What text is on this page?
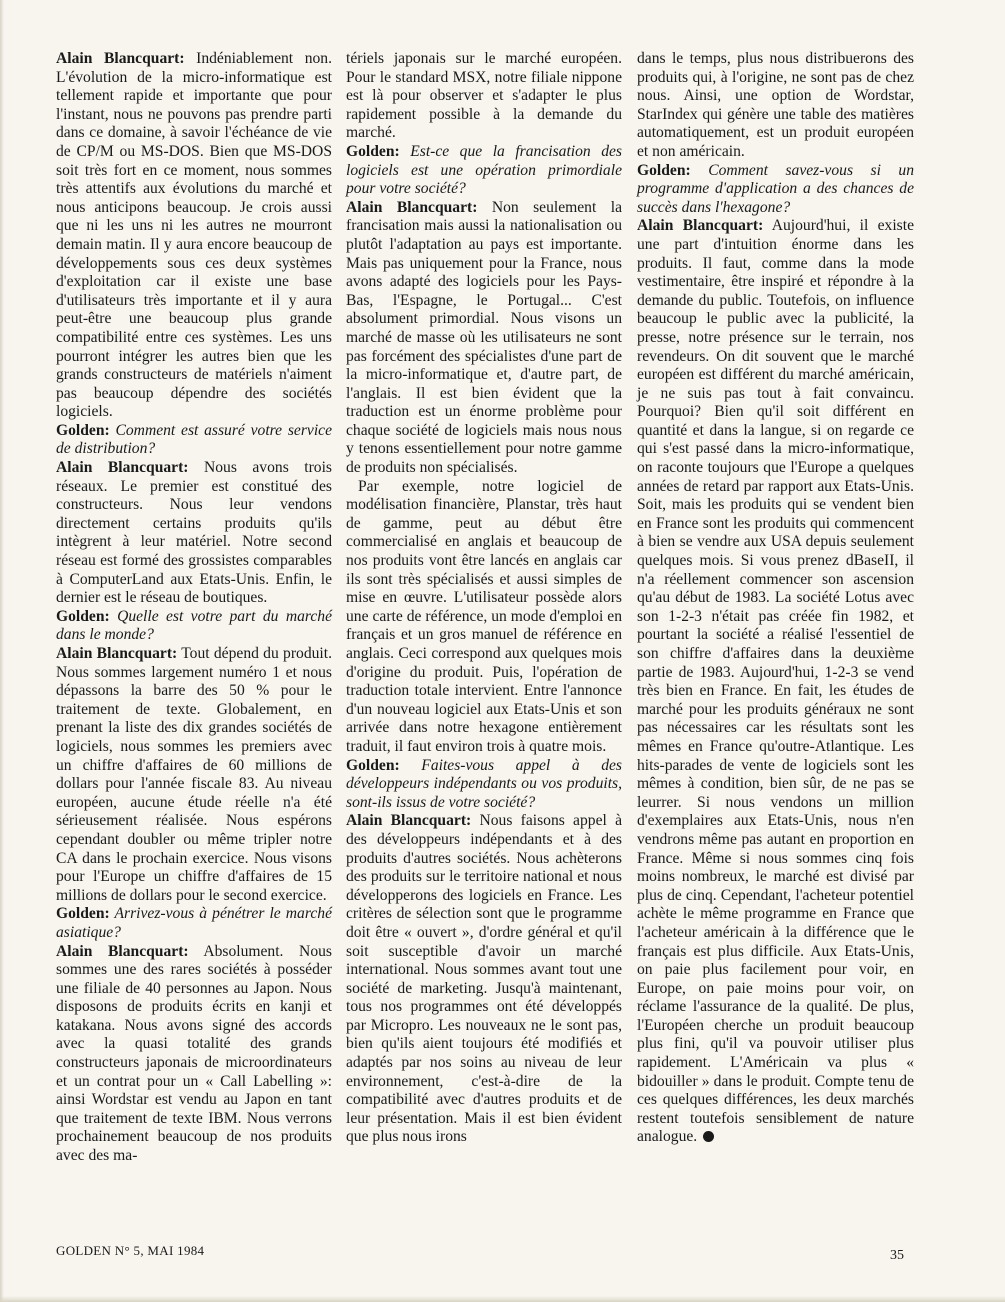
Alain Blancquart: Indéniablement non. L'évolution de la micro-informatique est tellement rapide et importante que pour l'instant, nous ne pouvons pas prendre parti dans ce domaine, à savoir l'échéance de vie de CP/M ou MS-DOS. Bien que MS-DOS soit très fort en ce moment, nous sommes très attentifs aux évolutions du marché et nous anticipons beaucoup. Je crois aussi que ni les uns ni les autres ne mourront demain matin. Il y aura encore beaucoup de développements sous ces deux systèmes d'exploitation car il existe une base d'utilisateurs très importante et il y aura peut-être une beaucoup plus grande compatibilité entre ces systèmes. Les uns pourront intégrer les autres bien que les grands constructeurs de matériels n'aiment pas beaucoup dépendre des sociétés logiciels.

Golden: Comment est assuré votre service de distribution?

Alain Blancquart: Nous avons trois réseaux. Le premier est constitué des constructeurs. Nous leur vendons directement certains produits qu'ils intègrent à leur matériel. Notre second réseau est formé des grossistes comparables à ComputerLand aux Etats-Unis. Enfin, le dernier est le réseau de boutiques.

Golden: Quelle est votre part du marché dans le monde?

Alain Blancquart: Tout dépend du produit. Nous sommes largement numéro 1 et nous dépassons la barre des 50 % pour le traitement de texte. Globalement, en prenant la liste des dix grandes sociétés de logiciels, nous sommes les premiers avec un chiffre d'affaires de 60 millions de dollars pour l'année fiscale 83. Au niveau européen, aucune étude réelle n'a été sérieusement réalisée. Nous espérons cependant doubler ou même tripler notre CA dans le prochain exercice. Nous visons pour l'Europe un chiffre d'affaires de 15 millions de dollars pour le second exercice.

Golden: Arrivez-vous à pénétrer le marché asiatique?

Alain Blancquart: Absolument. Nous sommes une des rares sociétés à posséder une filiale de 40 personnes au Japon. Nous disposons de produits écrits en kanji et katakana. Nous avons signé des accords avec la quasi totalité des grands constructeurs japonais de microordinateurs et un contrat pour un « Call Labelling »: ainsi Wordstar est vendu au Japon en tant que traitement de texte IBM. Nous verrons prochainement beaucoup de nos produits avec des ma-

tériels japonais sur le marché européen. Pour le standard MSX, notre filiale nippone est là pour observer et s'adapter le plus rapidement possible à la demande du marché.

Golden: Est-ce que la francisation des logiciels est une opération primordiale pour votre société?

Alain Blancquart: Non seulement la francisation mais aussi la nationalisation ou plutôt l'adaptation au pays est importante. Mais pas uniquement pour la France, nous avons adapté des logiciels pour les Pays-Bas, l'Espagne, le Portugal... C'est absolument primordial. Nous visons un marché de masse où les utilisateurs ne sont pas forcément des spécialistes d'une part de la micro-informatique et, d'autre part, de l'anglais. Il est bien évident que la traduction est un énorme problème pour chaque société de logiciels mais nous nous y tenons essentiellement pour notre gamme de produits non spécialisés.

Par exemple, notre logiciel de modélisation financière, Planstar, très haut de gamme, peut au début être commercialisé en anglais et beaucoup de nos produits vont être lancés en anglais car ils sont très spécialisés et aussi simples de mise en œuvre. L'utilisateur possède alors une carte de référence, un mode d'emploi en français et un gros manuel de référence en anglais. Ceci correspond aux quelques mois d'origine du produit. Puis, l'opération de traduction totale intervient. Entre l'annonce d'un nouveau logiciel aux Etats-Unis et son arrivée dans notre hexagone entièrement traduit, il faut environ trois à quatre mois.

Golden: Faites-vous appel à des développeurs indépendants ou vos produits, sont-ils issus de votre société?

Alain Blancquart: Nous faisons appel à des développeurs indépendants et à des produits d'autres sociétés. Nous achèterons des produits sur le territoire national et nous développerons des logiciels en France. Les critères de sélection sont que le programme doit être « ouvert », d'ordre général et qu'il soit susceptible d'avoir un marché international. Nous sommes avant tout une société de marketing. Jusqu'à maintenant, tous nos programmes ont été développés par Micropro. Les nouveaux ne le sont pas, bien qu'ils aient toujours été modifiés et adaptés par nos soins au niveau de leur environnement, c'est-à-dire de la compatibilité avec d'autres produits et de leur présentation. Mais il est bien évident que plus nous irons

dans le temps, plus nous distribuerons des produits qui, à l'origine, ne sont pas de chez nous. Ainsi, une option de Wordstar, StarIndex qui génère une table des matières automatiquement, est un produit européen et non américain.

Golden: Comment savez-vous si un programme d'application a des chances de succès dans l'hexagone?

Alain Blancquart: Aujourd'hui, il existe une part d'intuition énorme dans les produits. Il faut, comme dans la mode vestimentaire, être inspiré et répondre à la demande du public. Toutefois, on influence beaucoup le public avec la publicité, la presse, notre présence sur le terrain, nos revendeurs. On dit souvent que le marché européen est différent du marché américain, je ne suis pas tout à fait convaincu. Pourquoi? Bien qu'il soit différent en quantité et dans la langue, si on regarde ce qui s'est passé dans la micro-informatique, on raconte toujours que l'Europe a quelques années de retard par rapport aux Etats-Unis. Soit, mais les produits qui se vendent bien en France sont les produits qui commencent à bien se vendre aux USA depuis seulement quelques mois. Si vous prenez dBaseII, il n'a réellement commencer son ascension qu'au début de 1983. La société Lotus avec son 1-2-3 n'était pas créée fin 1982, et pourtant la société a réalisé l'essentiel de son chiffre d'affaires dans la deuxième partie de 1983. Aujourd'hui, 1-2-3 se vend très bien en France. En fait, les études de marché pour les produits généraux ne sont pas nécessaires car les résultats sont les mêmes en France qu'outre-Atlantique. Les hits-parades de vente de logiciels sont les mêmes à condition, bien sûr, de ne pas se leurrer. Si nous vendons un million d'exemplaires aux Etats-Unis, nous n'en vendrons même pas autant en proportion en France. Même si nous sommes cinq fois moins nombreux, le marché est divisé par plus de cinq. Cependant, l'acheteur potentiel achète le même programme en France que l'acheteur américain à la différence que le français est plus difficile. Aux Etats-Unis, on paie plus facilement pour voir, en Europe, on paie moins pour voir, on réclame l'assurance de la qualité. De plus, l'Européen cherche un produit beaucoup plus fini, qu'il va pouvoir utiliser plus rapidement. L'Américain va plus « bidouiller » dans le produit. Compte tenu de ces quelques différences, les deux marchés restent toutefois sensiblement de nature analogue.

GOLDEN N° 5, MAI 1984	35
